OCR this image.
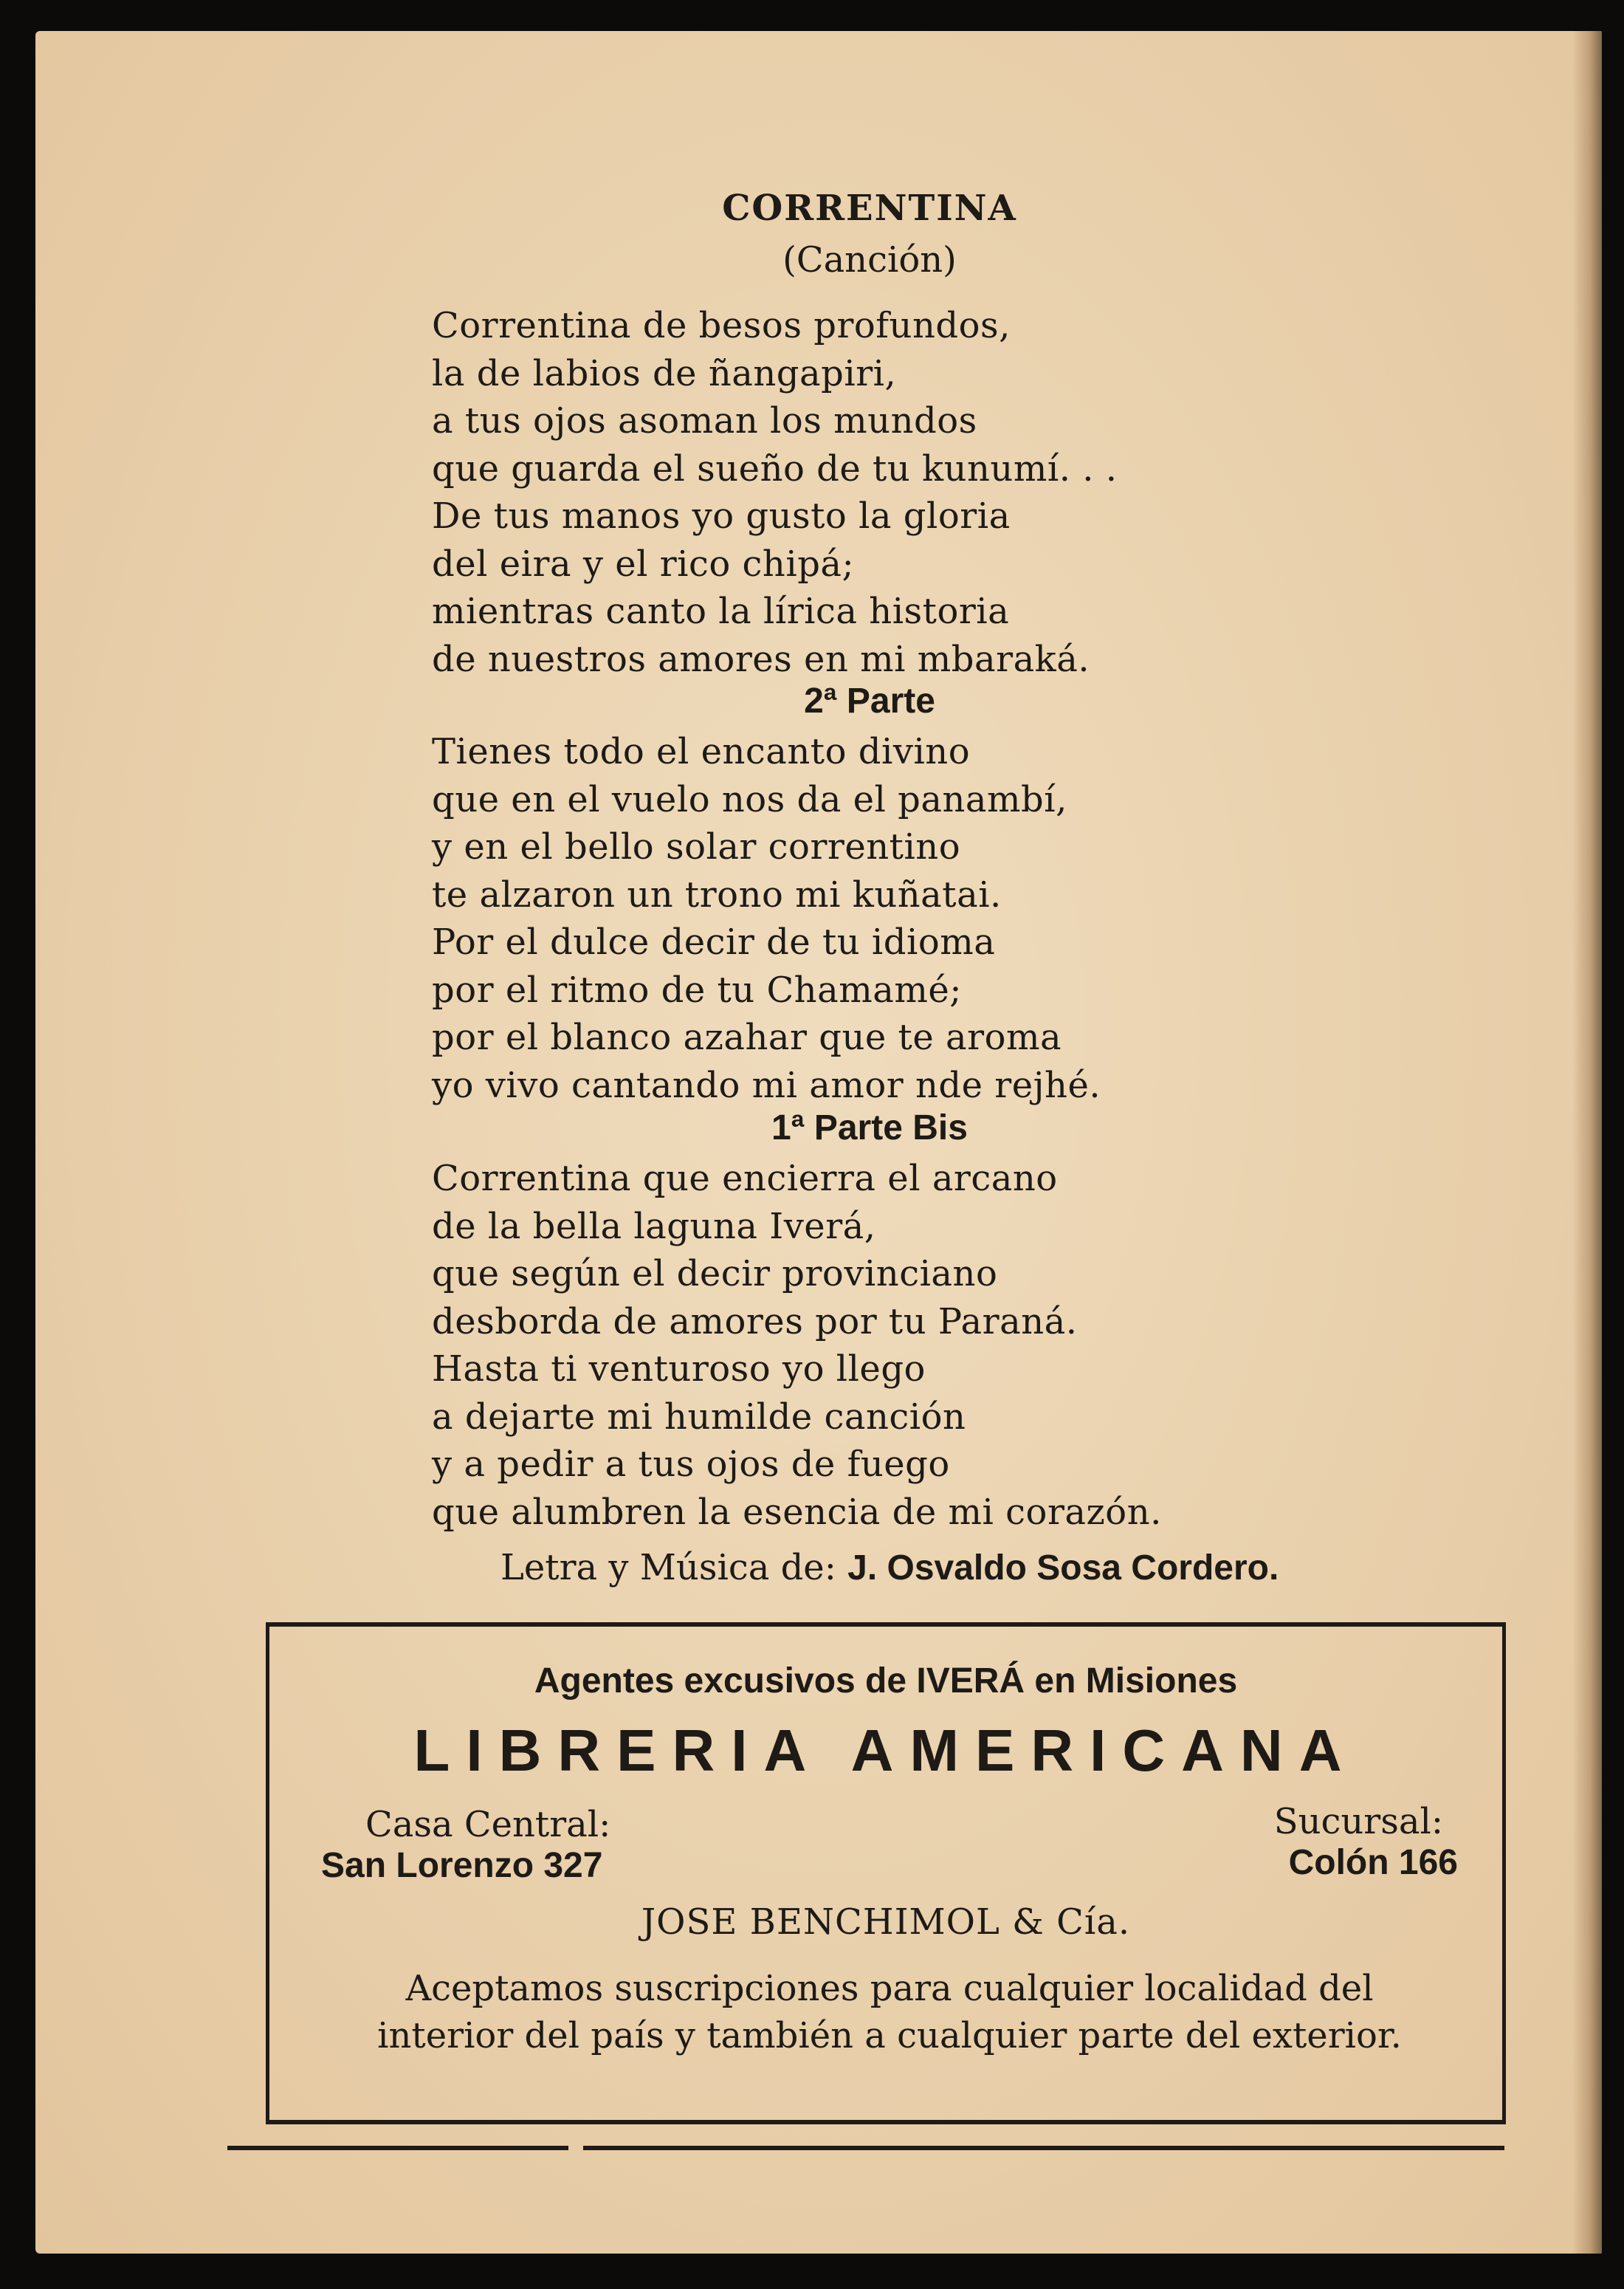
CORRENTINA
(Canción)
Correntina de besos profundos,
la de labios de ñangapiri,
a tus ojos asoman los mundos
que guarda el sueño de tu kunumí. . .
De tus manos yo gusto la gloria
del eira y el rico chipá;
mientras canto la lírica historia
de nuestros amores en mi mbaraká.
2ª Parte
Tienes todo el encanto divino
que en el vuelo nos da el panambí,
y en el bello solar correntino
te alzaron un trono mi kuñatai.
Por el dulce decir de tu idioma
por el ritmo de tu Chamamé;
por el blanco azahar que te aroma
yo vivo cantando mi amor nde rejhé.
1ª Parte Bis
Correntina que encierra el arcano
de la bella laguna Iverá,
que según el decir provinciano
desborda de amores por tu Paraná.
Hasta ti venturoso yo llego
a dejarte mi humilde canción
y a pedir a tus ojos de fuego
que alumbren la esencia de mi corazón.
Letra y Música de: J. Osvaldo Sosa Cordero.
Agentes excusivos de IVERÁ en Misiones
LIBRERIA AMERICANA
Casa Central:
San Lorenzo 327
Sucursal:
Colón 166
JOSE BENCHIMOL & Cía.
Aceptamos suscripciones para cualquier localidad del interior del país y también a cualquier parte del exterior.
